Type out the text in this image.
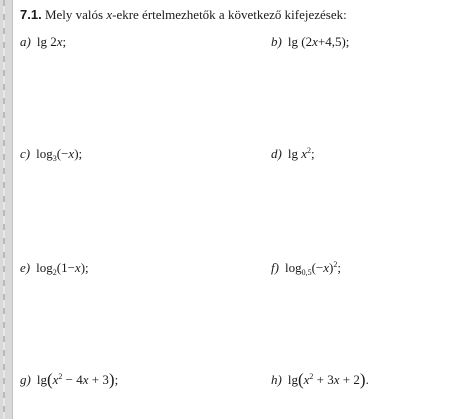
7.1. Mely valós x-ekre értelmezhetők a következő kifejezések:
a) lg 2x;	b) lg (2x+4,5);
c) $\log_3(-x)$;	d) $\lg x^2$;
e) $\log_2(1-x)$;	f) $\log_{0,5}(-x)^2$;
g) $\lg(x^2 - 4x + 3)$;	h) $\lg(x^2 + 3x + 2)$.
